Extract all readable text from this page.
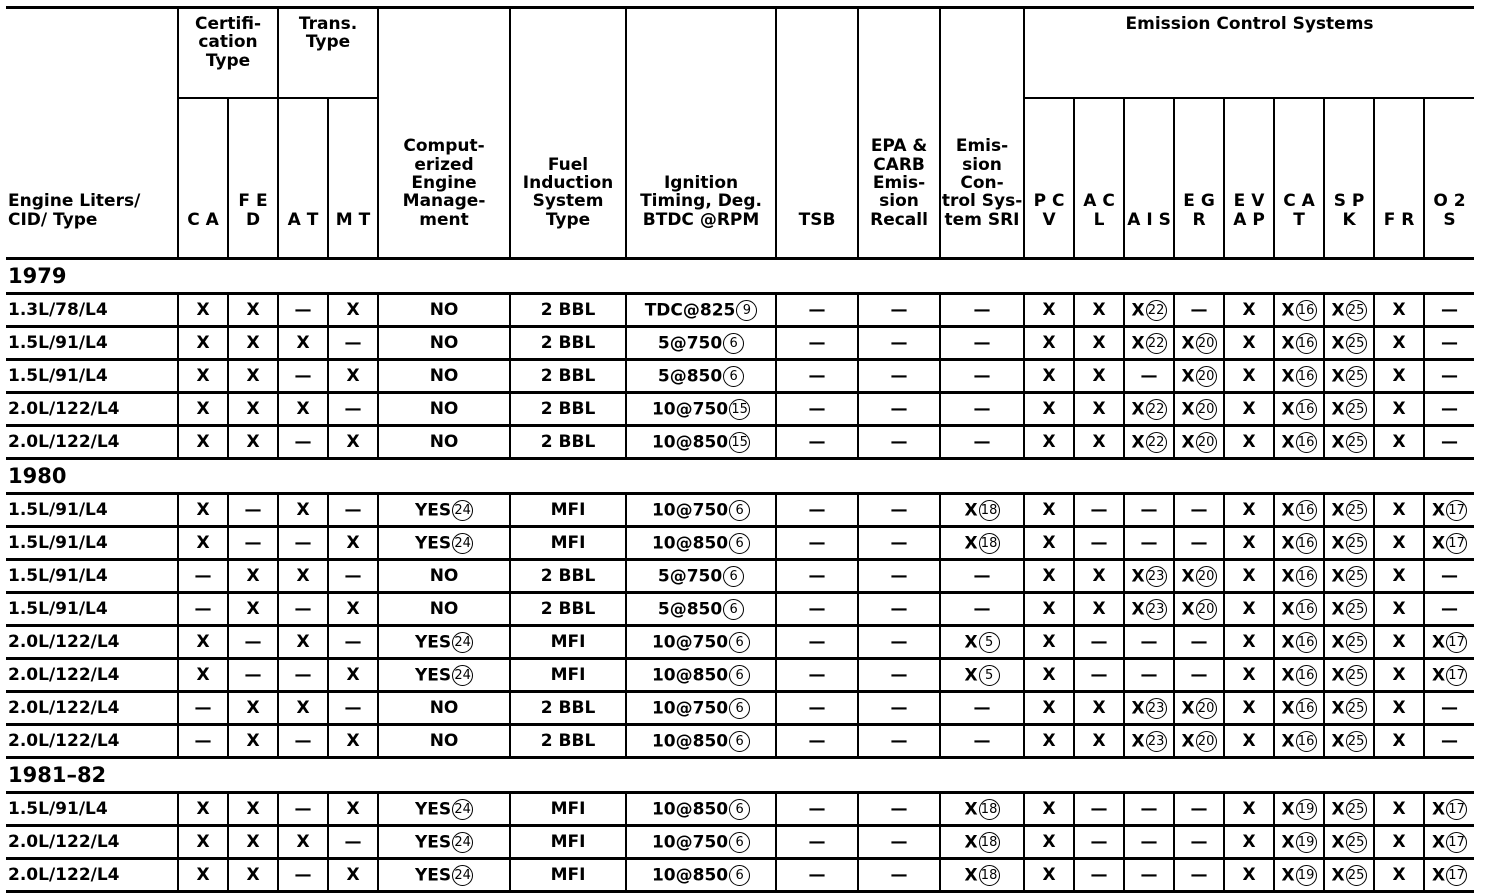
Engine Liters/ CID/ Type	Certifi- cation Type		Trans. Type		Comput- erized Engine Manage- ment	Fuel Induction System Type	Ignition Timing, Deg. BTDC @RPM	TSB	EPA & CARB Emis- sion Recall	Emis- sion Con- trol Sys- tem SRI	Emission Control Systems								
	C A	F E D	A T	M T							P C V	A C L	A I S	E G R	E V A P	C A T	S P K	F R	O 2 S
1979																			
1.3L/78/L4	X	X	—	X	NO	2 BBL	TDC@825 9	—	—	—	X	X	X 22	—	X	X 16	X 25	X	—
1.5L/91/L4	X	X	X	—	NO	2 BBL	5@750 6	—	—	—	X	X	X 22	X 20	X	X 16	X 25	X	—
1.5L/91/L4	X	X	—	X	NO	2 BBL	5@850 6	—	—	—	X	X	—	X 20	X	X 16	X 25	X	—
2.0L/122/L4	X	X	X	—	NO	2 BBL	10@750 15	—	—	—	X	X	X 22	X 20	X	X 16	X 25	X	—
2.0L/122/L4	X	X	—	X	NO	2 BBL	10@850 15	—	—	—	X	X	X 22	X 20	X	X 16	X 25	X	—
1980																			
1.5L/91/L4	X	—	X	—	YES 24	MFI	10@750 6	—	—	X 18	X	—	—	—	X	X 16	X 25	X	X 17
1.5L/91/L4	X	—	—	X	YES 24	MFI	10@850 6	—	—	X 18	X	—	—	—	X	X 16	X 25	X	X 17
1.5L/91/L4	—	X	X	—	NO	2 BBL	5@750 6	—	—	—	X	X	X 23	X 20	X	X 16	X 25	X	—
1.5L/91/L4	—	X	—	X	NO	2 BBL	5@850 6	—	—	—	X	X	X 23	X 20	X	X 16	X 25	X	—
2.0L/122/L4	X	—	X	—	YES 24	MFI	10@750 6	—	—	X 5	X	—	—	—	X	X 16	X 25	X	X 17
2.0L/122/L4	X	—	—	X	YES 24	MFI	10@850 6	—	—	X 5	X	—	—	—	X	X 16	X 25	X	X 17
2.0L/122/L4	—	X	X	—	NO	2 BBL	10@750 6	—	—	—	X	X	X 23	X 20	X	X 16	X 25	X	—
2.0L/122/L4	—	X	—	X	NO	2 BBL	10@850 6	—	—	—	X	X	X 23	X 20	X	X 16	X 25	X	—
1981–82																			
1.5L/91/L4	X	X	—	X	YES 24	MFI	10@850 6	—	—	X 18	X	—	—	—	X	X 19	X 25	X	X 17
2.0L/122/L4	X	X	X	—	YES 24	MFI	10@750 6	—	—	X 18	X	—	—	—	X	X 19	X 25	X	X 17
2.0L/122/L4	X	X	—	X	YES 24	MFI	10@850 6	—	—	X 18	X	—	—	—	X	X 19	X 25	X	X 17
